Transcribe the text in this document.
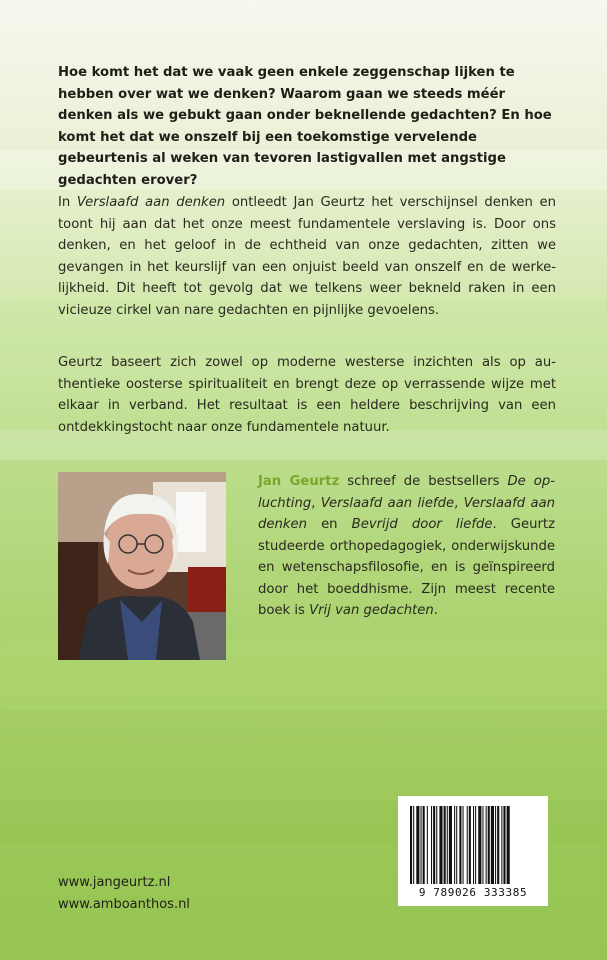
Hoe komt het dat we vaak geen enkele zeggenschap lijken te hebben over wat we denken? Waarom gaan we steeds méér denken als we gebukt gaan onder beknellende gedachten? En hoe komt het dat we onszelf bij een toekomstige vervelende gebeurtenis al weken van tevoren lastigvallen met angstige gedachten erover?
In Verslaafd aan denken ontleedt Jan Geurtz het verschijnsel denken en toont hij aan dat het onze meest fundamentele verslaving is. Door ons denken, en het geloof in de echtheid van onze gedachten, zitten we gevangen in het keurslijf van een onjuist beeld van onszelf en de werkelijkheid. Dit heeft tot gevolg dat we telkens weer bekneld raken in een vicieuze cirkel van nare gedachten en pijnlijke gevoelens.
Geurtz baseert zich zowel op moderne westerse inzichten als op authentieke oosterse spiritualiteit en brengt deze op verrassende wijze met elkaar in verband. Het resultaat is een heldere beschrijving van een ontdekkingstocht naar onze fundamentele natuur.
Jan Geurtz schreef de bestsellers De opluchting, Verslaafd aan liefde, Verslaafd aan denken en Bevrijd door liefde. Geurtz studeerde orthopedagogiek, onderwijskunde en wetenschapsfilosofie, en is geïnspireerd door het boeddhisme. Zijn meest recente boek is Vrij van gedachten.
9 789026 333385
www.jangeurtz.nl
www.amboanthos.nl
